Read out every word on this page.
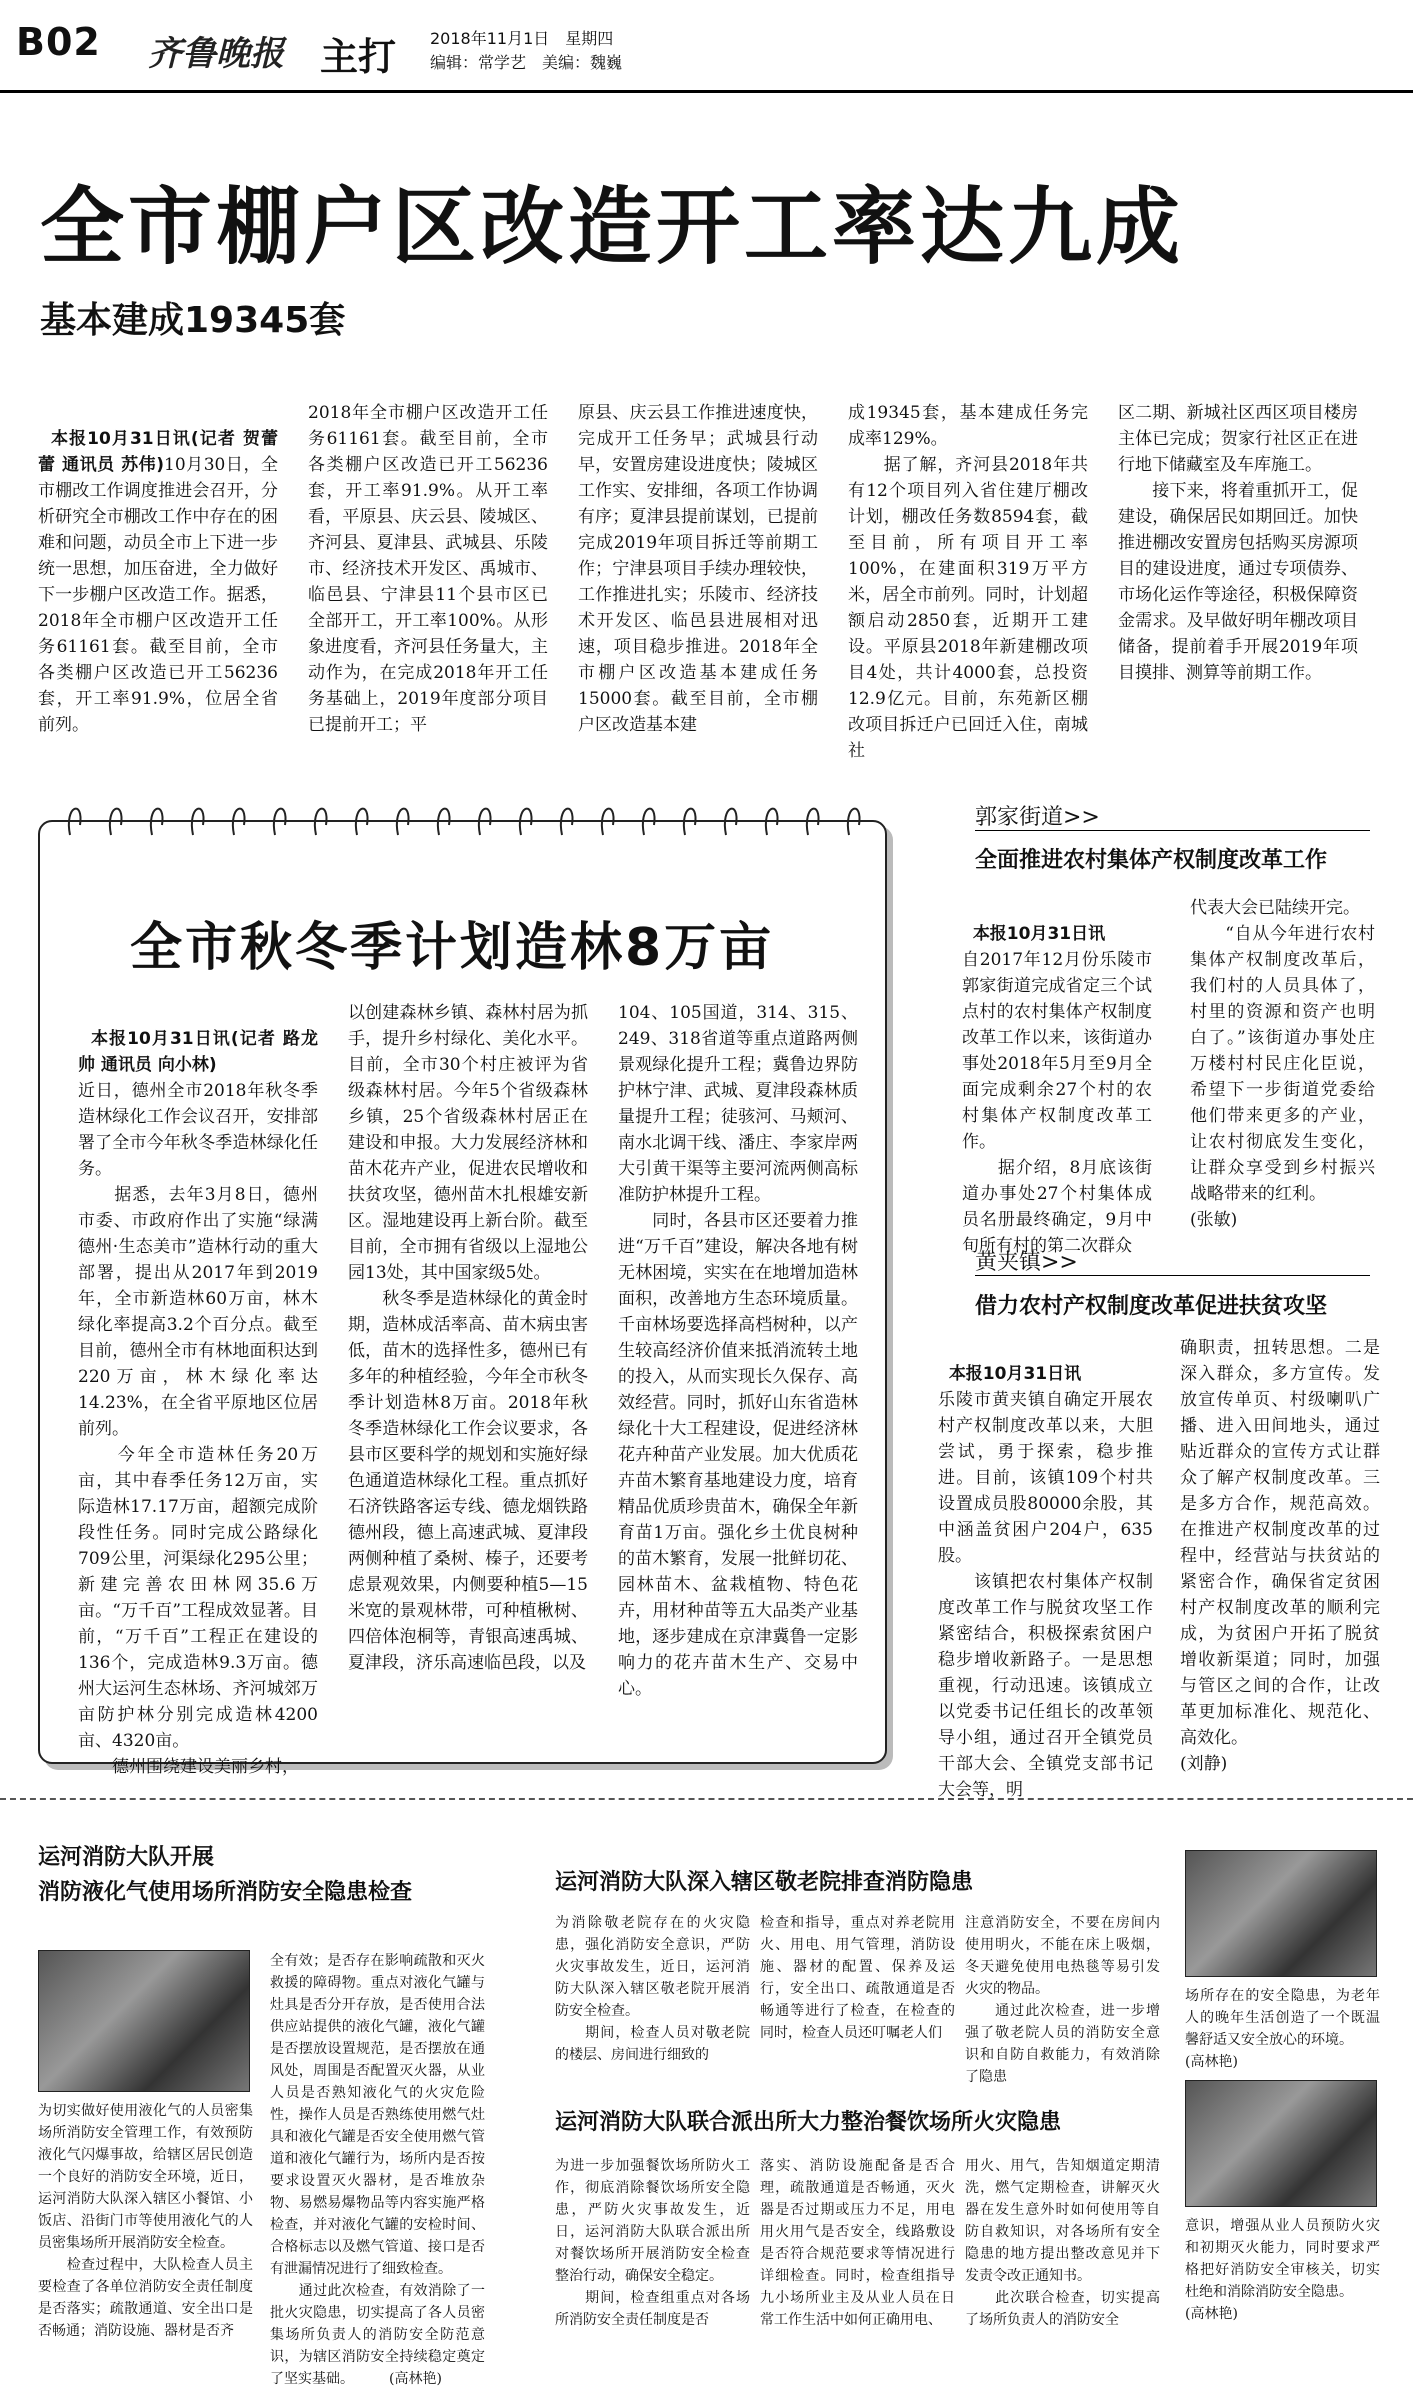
B02 齐鲁晚报 主打 2018年11月1日　星期四
编辑：常学艺　美编：魏巍
全市棚户区改造开工率达九成
基本建成19345套

本报10月31日讯(记者 贺蕾蕾 通讯员 苏伟)10月30日，全市棚改工作调度推进会召开，分析研究全市棚改工作中存在的困难和问题，动员全市上下进一步统一思想，加压奋进，全力做好下一步棚户区改造工作。据悉，2018年全市棚户区改造开工任务61161套。截至目前，全市各类棚户区改造已开工56236套，开工率91.9%，位居全省前列。

2018年全市棚户区改造开工任务61161套。截至目前，全市各类棚户区改造已开工56236套，开工率91.9%。从开工率看，平原县、庆云县、陵城区、齐河县、夏津县、武城县、乐陵市、经济技术开发区、禹城市、临邑县、宁津县11个县市区已全部开工，开工率100%。从形象进度看，齐河县任务量大，主动作为，在完成2018年开工任务基础上，2019年度部分项目已提前开工；平
原县、庆云县工作推进速度快，完成开工任务早；武城县行动早，安置房建设进度快；陵城区工作实、安排细，各项工作协调有序；夏津县提前谋划，已提前完成2019年项目拆迁等前期工作；宁津县项目手续办理较快，工作推进扎实；乐陵市、经济技术开发区、临邑县进展相对迅速，项目稳步推进。2018年全市棚户区改造基本建成任务15000套。截至目前，全市棚户区改造基本建
成19345套，基本建成任务完成率129%。
　　据了解，齐河县2018年共有12个项目列入省住建厅棚改计划，棚改任务数8594套，截至目前，所有项目开工率100%，在建面积319万平方米，居全市前列。同时，计划超额启动2850套，近期开工建设。平原县2018年新建棚改项目4处，共计4000套，总投资12.9亿元。目前，东苑新区棚改项目拆迁户已回迁入住，南城社
区二期、新城社区西区项目楼房主体已完成；贺家行社区正在进行地下储藏室及车库施工。
　　接下来，将着重抓开工，促建设，确保居民如期回迁。加快推进棚改安置房包括购买房源项目的建设进度，通过专项债券、市场化运作等途径，积极保障资金需求。及早做好明年棚改项目储备，提前着手开展2019年项目摸排、测算等前期工作。
全市秋冬季计划造林8万亩

本报10月31日讯(记者 路龙帅 通讯员 向小林)
近日，德州全市2018年秋冬季造林绿化工作会议召开，安排部署了全市今年秋冬季造林绿化任务。
　　据悉，去年3月8日，德州市委、市政府作出了实施“绿满德州·生态美市”造林行动的重大部署，提出从2017年到2019年，全市新造林60万亩，林木绿化率提高3.2个百分点。截至目前，德州全市有林地面积达到220万亩，林木绿化率达14.23%，在全省平原地区位居前列。
　　今年全市造林任务20万亩，其中春季任务12万亩，实际造林17.17万亩，超额完成阶段性任务。同时完成公路绿化709公里，河渠绿化295公里；新建完善农田林网35.6万亩。“万千百”工程成效显著。目前，“万千百”工程正在建设的136个，完成造林9.3万亩。德州大运河生态林场、齐河城郊万亩防护林分别完成造林4200亩、4320亩。
　　德州围绕建设美丽乡村，

以创建森林乡镇、森林村居为抓手，提升乡村绿化、美化水平。目前，全市30个村庄被评为省级森林村居。今年5个省级森林乡镇，25个省级森林村居正在建设和申报。大力发展经济林和苗木花卉产业，促进农民增收和扶贫攻坚，德州苗木扎根雄安新区。湿地建设再上新台阶。截至目前，全市拥有省级以上湿地公园13处，其中国家级5处。
　　秋冬季是造林绿化的黄金时期，造林成活率高、苗木病虫害低，苗木的选择性多，德州已有多年的种植经验，今年全市秋冬季计划造林8万亩。2018年秋冬季造林绿化工作会议要求，各县市区要科学的规划和实施好绿色通道造林绿化工程。重点抓好石济铁路客运专线、德龙烟铁路德州段，德上高速武城、夏津段两侧种植了桑树、榛子，还要考虑景观效果，内侧要种植5—15米宽的景观林带，可种植楸树、四倍体泡桐等，青银高速禹城、夏津段，济乐高速临邑段，以及
104、105国道，314、315、249、318省道等重点道路两侧景观绿化提升工程；冀鲁边界防护林宁津、武城、夏津段森林质量提升工程；徒骇河、马颊河、南水北调干线、潘庄、李家岸两大引黄干渠等主要河流两侧高标准防护林提升工程。
　　同时，各县市区还要着力推进“万千百”建设，解决各地有树无林困境，实实在在地增加造林面积，改善地方生态环境质量。千亩林场要选择高档树种，以产生较高经济价值来抵消流转土地的投入，从而实现长久保存、高效经营。同时，抓好山东省造林绿化十大工程建设，促进经济林花卉种苗产业发展。加大优质花卉苗木繁育基地建设力度，培育精品优质珍贵苗木，确保全年新育苗1万亩。强化乡土优良树种的苗木繁育，发展一批鲜切花、园林苗木、盆栽植物、特色花卉，用材种苗等五大品类产业基地，逐步建成在京津冀鲁一定影响力的花卉苗木生产、交易中心。
郭家街道>>
全面推进农村集体产权制度改革工作

本报10月31日讯
自2017年12月份乐陵市郭家街道完成省定三个试点村的农村集体产权制度改革工作以来，该街道办事处2018年5月至9月全面完成剩余27个村的农村集体产权制度改革工作。
　　据介绍，8月底该街道办事处27个村集体成员名册最终确定，9月中旬所有村的第二次群众

代表大会已陆续开完。
　　“自从今年进行农村集体产权制度改革后，我们村的人员具体了，村里的资源和资产也明白了。”该街道办事处庄万楼村村民庄化臣说，希望下一步街道党委给他们带来更多的产业，让农村彻底发生变化，让群众享受到乡村振兴战略带来的红利。
(张敏)
黄夹镇>>
借力农村产权制度改革促进扶贫攻坚

本报10月31日讯
乐陵市黄夹镇自确定开展农村产权制度改革以来，大胆尝试，勇于探索，稳步推进。目前，该镇109个村共设置成员股80000余股，其中涵盖贫困户204户，635股。
　　该镇把农村集体产权制度改革工作与脱贫攻坚工作紧密结合，积极探索贫困户稳步增收新路子。一是思想重视，行动迅速。该镇成立以党委书记任组长的改革领导小组，通过召开全镇党员干部大会、全镇党支部书记大会等，明

确职责，扭转思想。二是深入群众，多方宣传。发放宣传单页、村级喇叭广播、进入田间地头，通过贴近群众的宣传方式让群众了解产权制度改革。三是多方合作，规范高效。在推进产权制度改革的过程中，经营站与扶贫站的紧密合作，确保省定贫困村产权制度改革的顺利完成，为贫困户开拓了脱贫增收新渠道；同时，加强与管区之间的合作，让改革更加标准化、规范化、高效化。
(刘静)
运河消防大队开展
消防液化气使用场所消防安全隐患检查
为切实做好使用液化气的人员密集场所消防安全管理工作，有效预防液化气闪爆事故，给辖区居民创造一个良好的消防安全环境，近日，运河消防大队深入辖区小餐馆、小饭店、沿街门市等使用液化气的人员密集场所开展消防安全检查。
　　检查过程中，大队检查人员主要检查了各单位消防安全责任制度是否落实；疏散通道、安全出口是否畅通；消防设施、器材是否齐
全有效；是否存在影响疏散和灭火救援的障碍物。重点对液化气罐与灶具是否分开存放，是否使用合法供应站提供的液化气罐，液化气罐是否摆放设置规范，是否摆放在通风处，周围是否配置灭火器，从业人员是否熟知液化气的火灾危险性，操作人员是否熟练使用燃气灶具和液化气罐是否安全使用燃气管道和液化气罐行为，场所内是否按要求设置灭火器材，是否堆放杂物、易燃易爆物品等内容实施严格检查，并对液化气罐的安检时间、合格标志以及燃气管道、接口是否有泄漏情况进行了细致检查。
　　通过此次检查，有效消除了一批火灾隐患，切实提高了各人员密集场所负责人的消防安全防范意识，为辖区消防安全持续稳定奠定了坚实基础。　　　(高林艳)
运河消防大队深入辖区敬老院排查消防隐患
为消除敬老院存在的火灾隐患，强化消防安全意识，严防火灾事故发生，近日，运河消防大队深入辖区敬老院开展消防安全检查。
　　期间，检查人员对敬老院的楼层、房间进行细致的
检查和指导，重点对养老院用火、用电、用气管理，消防设施、器材的配置、保养及运行，安全出口、疏散通道是否畅通等进行了检查，在检查的同时，检查人员还叮嘱老人们
注意消防安全，不要在房间内使用明火，不能在床上吸烟，冬天避免使用电热毯等易引发火灾的物品。
　　通过此次检查，进一步增强了敬老院人员的消防安全意识和自防自救能力，有效消除了隐患
场所存在的安全隐患，为老年人的晚年生活创造了一个既温馨舒适又安全放心的环境。
(高林艳)
运河消防大队联合派出所大力整治餐饮场所火灾隐患
为进一步加强餐饮场所防火工作，彻底消除餐饮场所安全隐患，严防火灾事故发生，近日，运河消防大队联合派出所对餐饮场所开展消防安全检查整治行动，确保安全稳定。
　　期间，检查组重点对各场所消防安全责任制度是否
落实、消防设施配备是否合理，疏散通道是否畅通，灭火器是否过期或压力不足，用电用火用气是否安全，线路敷设是否符合规范要求等情况进行详细检查。同时，检查组指导九小场所业主及从业人员在日常工作生活中如何正确用电、
用火、用气，告知烟道定期清洗，燃气定期检查，讲解灭火器在发生意外时如何使用等自防自救知识，对各场所有安全隐患的地方提出整改意见并下发责令改正通知书。
　　此次联合检查，切实提高了场所负责人的消防安全
意识，增强从业人员预防火灾和初期灭火能力，同时要求严格把好消防安全审核关，切实杜绝和消除消防安全隐患。
(高林艳)
